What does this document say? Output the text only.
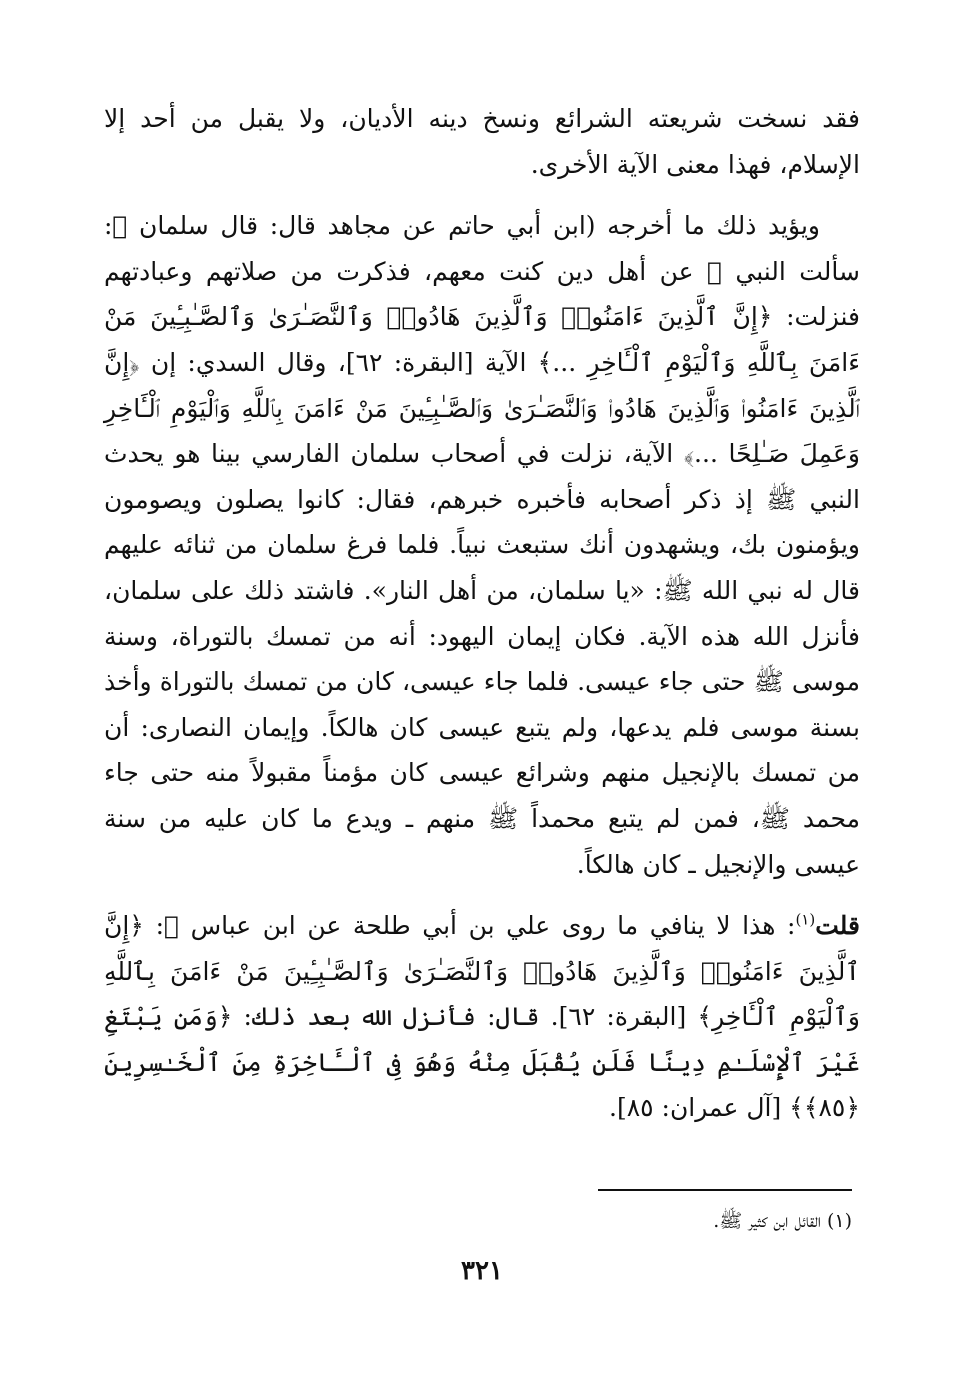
فقد نسخت شريعته الشرائع ونسخ دينه الأديان، ولا يقبل من أحد إلا الإسلام، فهذا معنى الآية الأخرى.

ويؤيد ذلك ما أخرجه (ابن أبي حاتم عن مجاهد قال: قال سلمان ﷺ: سألت النبي ﷺ عن أهل دين كنت معهم، فذكرت من صلاتهم وعبادتهم فنزلت: ﴿إِنَّ ٱلَّذِينَ ءَامَنُوا۟ وَٱلَّذِينَ هَادُوا۟ وَٱلنَّصَـٰرَىٰ وَٱلصَّـٰبِـِٔينَ مَنْ ءَامَنَ بِٱللَّهِ وَٱلْيَوْمِ ٱلْـَٔاخِرِ ...﴾ الآية [البقرة: ٦٢]، وقال السدي: إن ﴿إِنَّ ٱلَّذِينَ ءَامَنُوا۟ وَٱلَّذِينَ هَادُوا۟ وَٱلنَّصَـٰرَىٰ وَٱلصَّـٰبِـِٔينَ مَنْ ءَامَنَ بِٱللَّهِ وَٱلْيَوْمِ ٱلْـَٔاخِرِ وَعَمِلَ صَـٰلِحًا ...﴾ الآية، نزلت في أصحاب سلمان الفارسي بينا هو يحدث النبي ﷺ إذ ذكر أصحابه فأخبره خبرهم، فقال: كانوا يصلون ويصومون ويؤمنون بك، ويشهدون أنك ستبعث نبياً. فلما فرغ سلمان من ثنائه عليهم قال له نبي الله ﷺ: «يا سلمان، من أهل النار». فاشتد ذلك على سلمان، فأنزل الله هذه الآية. فكان إيمان اليهود: أنه من تمسك بالتوراة، وسنة موسى ﷺ حتى جاء عيسى. فلما جاء عيسى، كان من تمسك بالتوراة وأخذ بسنة موسى فلم يدعها، ولم يتبع عيسى كان هالكاً. وإيمان النصارى: أن من تمسك بالإنجيل منهم وشرائع عيسى كان مؤمناً مقبولاً منه حتى جاء محمد ﷺ، فمن لم يتبع محمداً ﷺ منهم ـ ويدع ما كان عليه من سنة عيسى والإنجيل ـ كان هالكاً.

قلت$^{(١)}$: هذا لا ينافي ما روى علي بن أبي طلحة عن ابن عباس ﷺ: ﴿إِنَّ ٱلَّذِينَ ءَامَنُوا۟ وَٱلَّذِينَ هَادُوا۟ وَٱلنَّصَـٰرَىٰ وَٱلصَّـٰبِـِٔينَ مَنْ ءَامَنَ بِٱللَّهِ وَٱلْيَوْمِ ٱلْـَٔاخِرِ﴾ [البقرة: ٦٢]. قال: فأنزل الله بعد ذلك: ﴿وَمَن يَبْتَغِ غَيْرَ ٱلْإِسْلَـٰمِ دِينًا فَلَن يُقْبَلَ مِنْهُ وَهُوَ فِى ٱلْـَٔاخِرَةِ مِنَ ٱلْخَـٰسِرِينَ ﴿٨٥﴾﴾ [آل عمران: ٨٥].

(١) القائل ابن كثير ﷺ.
٣٢١
